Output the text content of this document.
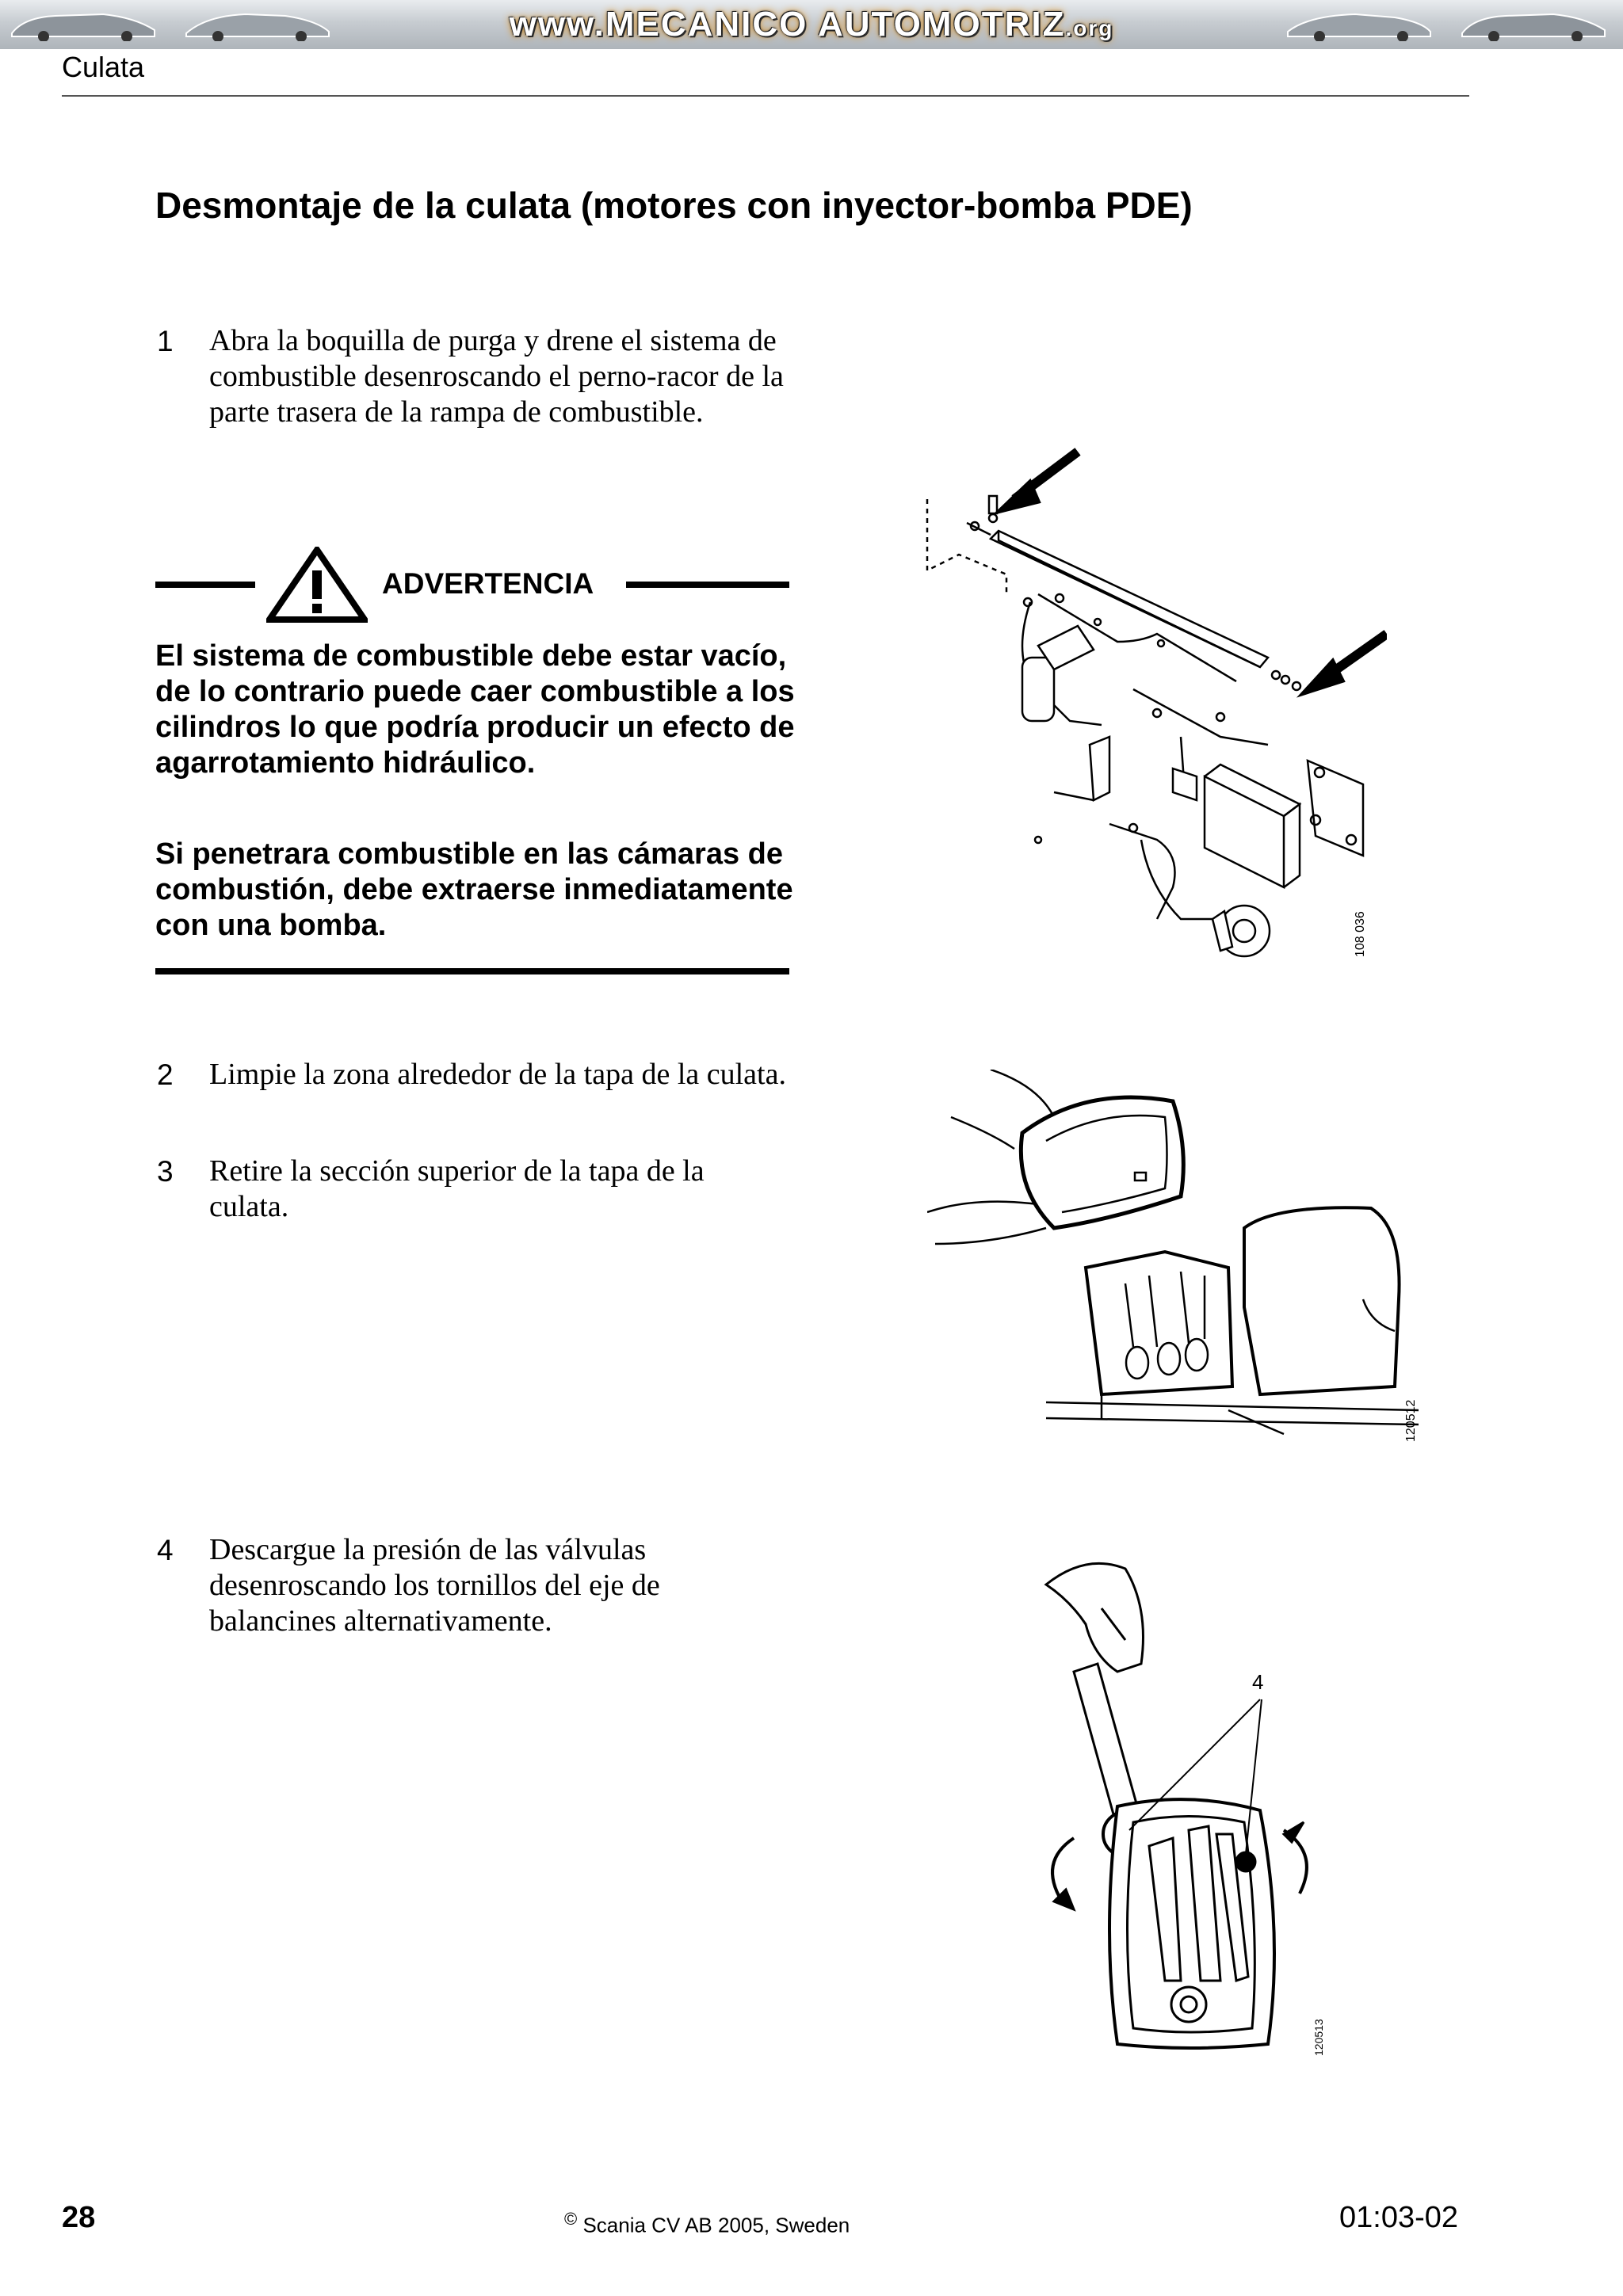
www.MECANICO AUTOMOTRIZ.org
Culata
Desmontaje de la culata (motores con inyector-bomba PDE)
1 Abra la boquilla de purga y drene el sistema de combustible desenroscando el perno-racor de la parte trasera de la rampa de combustible.
ADVERTENCIA
El sistema de combustible debe estar vacío, de lo contrario puede caer combustible a los cilindros lo que podría producir un efecto de agarrotamiento hidráulico.
Si penetrara combustible en las cámaras de combustión, debe extraerse inmediatamente con una bomba.
2 Limpie la zona alrededor de la tapa de la culata.
3 Retire la sección superior de la tapa de la culata.
4 Descargue la presión de las válvulas desenroscando los tornillos del eje de balancines alternativamente.
108 036
120512
4
120513
28	© Scania CV AB 2005, Sweden	01:03-02
